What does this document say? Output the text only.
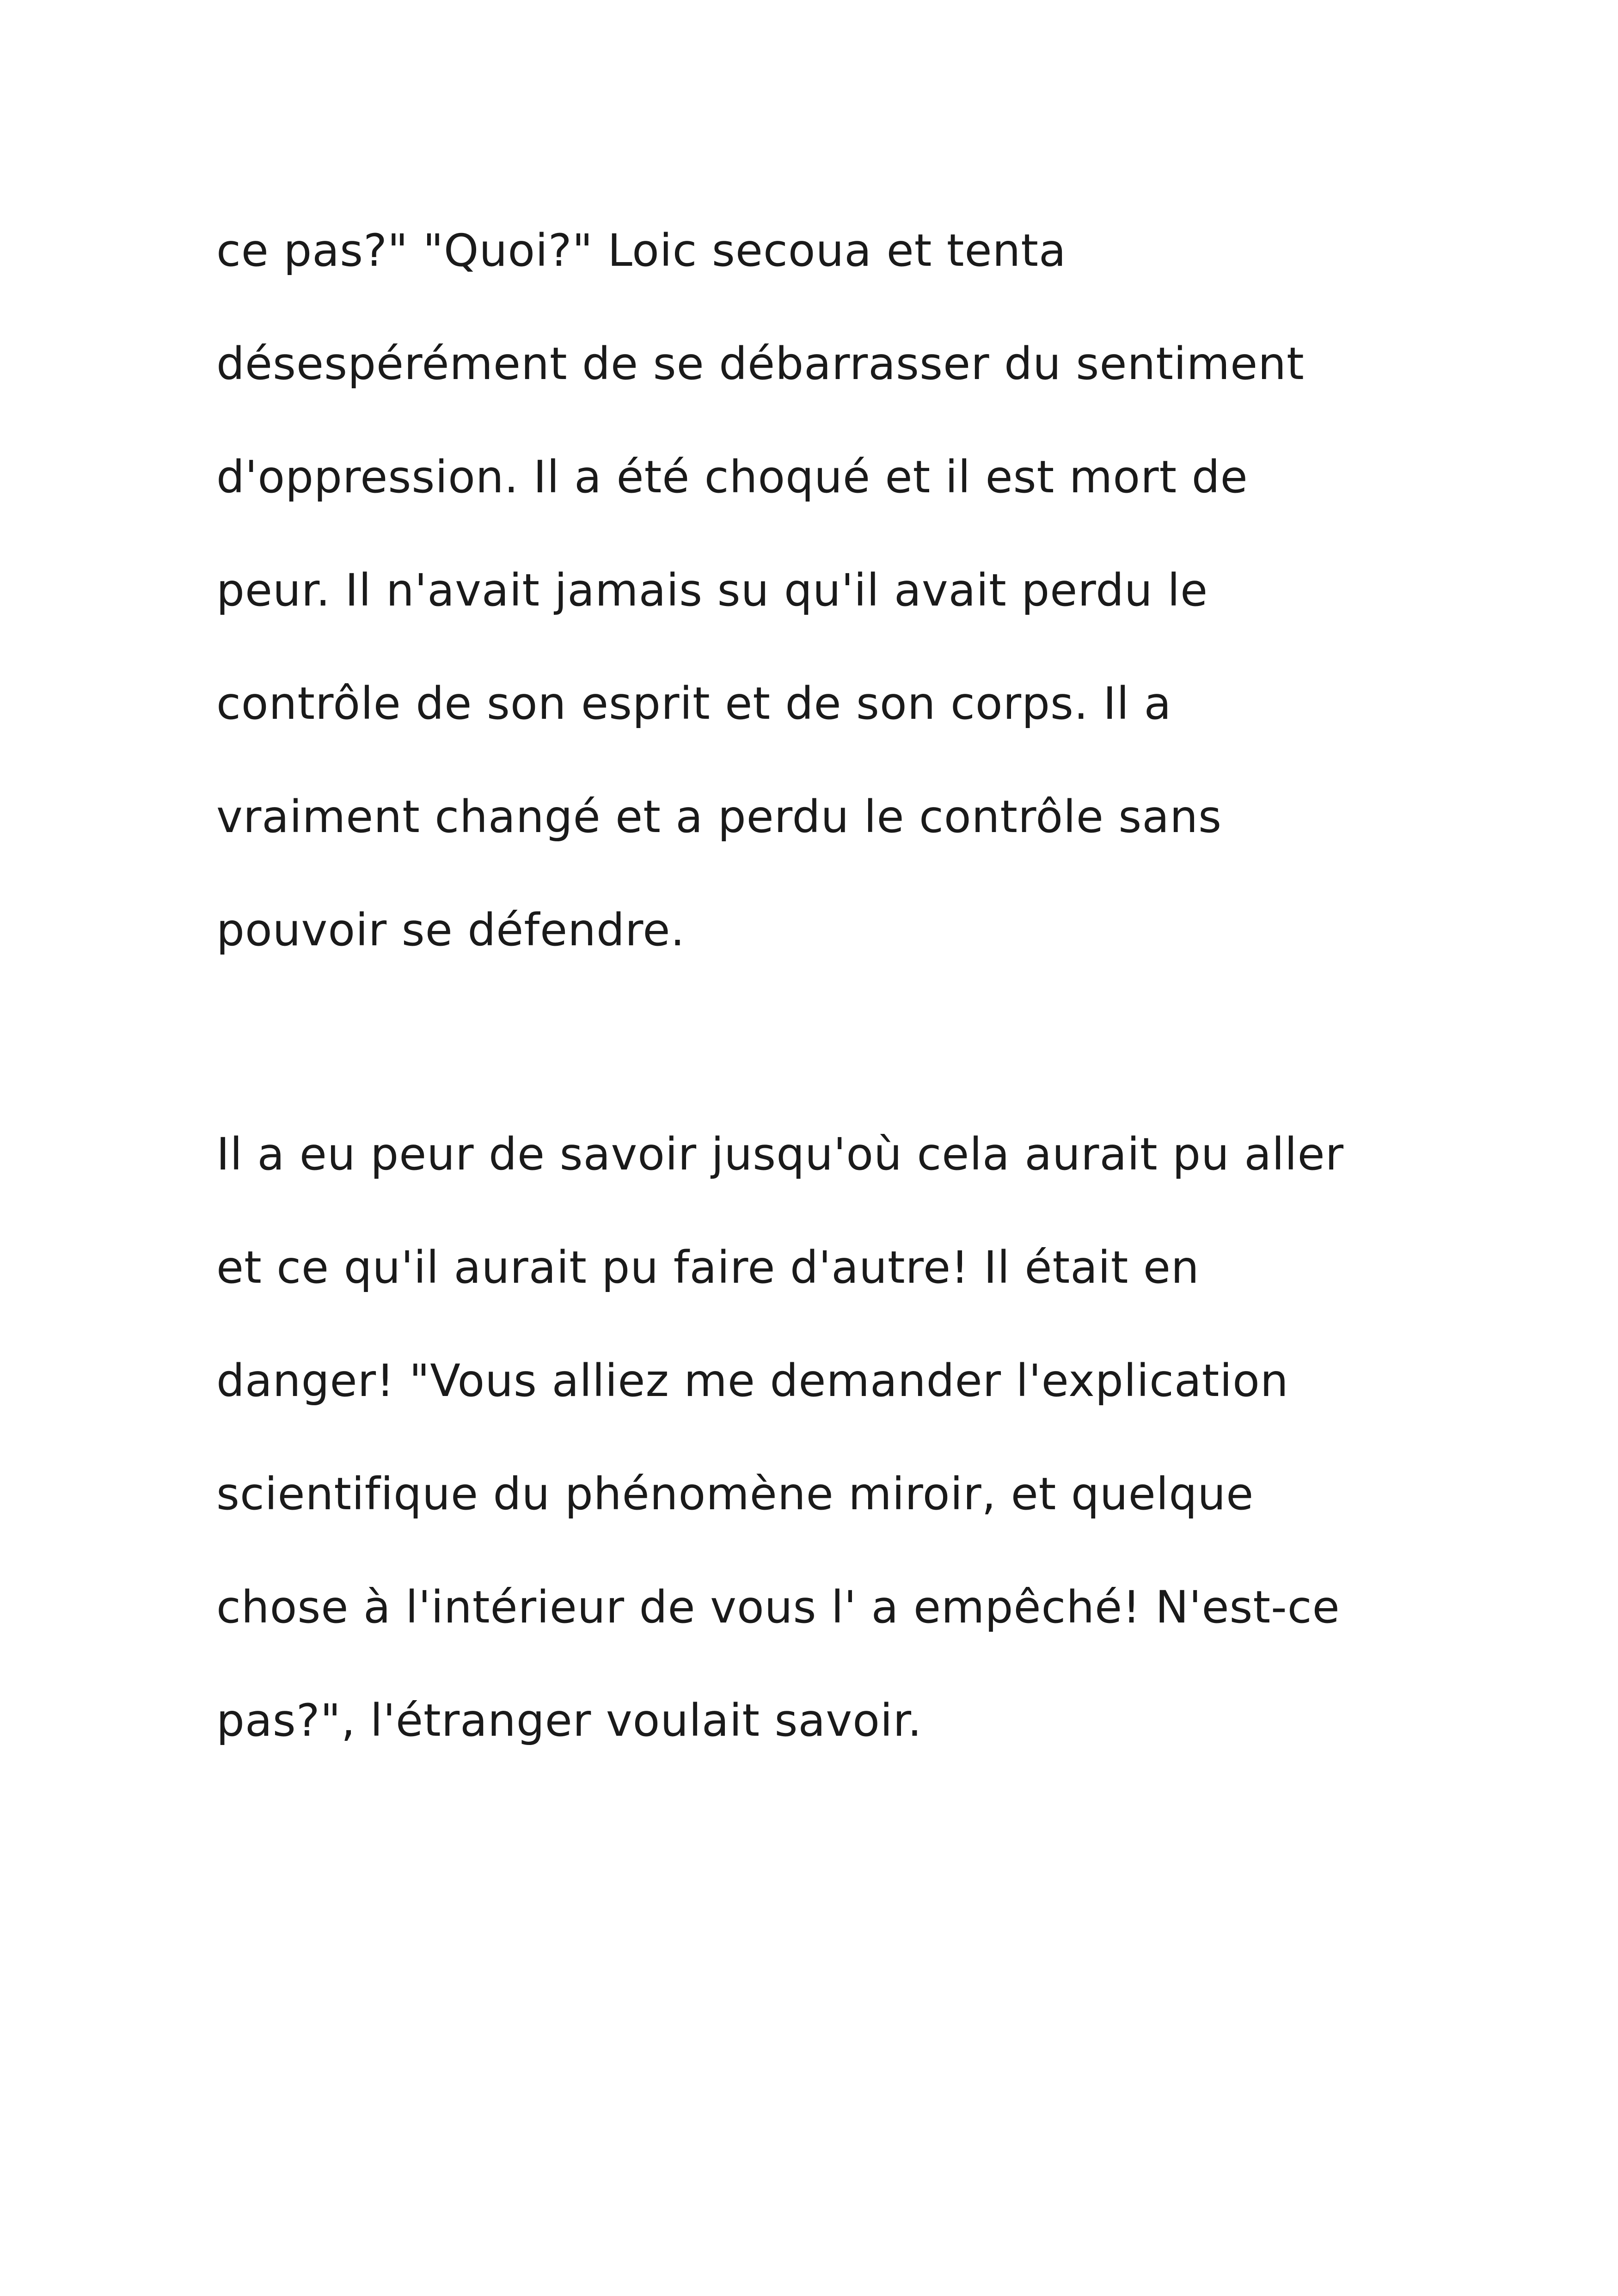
ce pas?" "Quoi?" Loic secoua et tenta
désespérément de se débarrasser du sentiment
d'oppression. Il a été choqué et il est mort de
peur. Il n'avait jamais su qu'il avait perdu le
contrôle de son esprit et de son corps. Il a
vraiment changé et a perdu le contrôle sans
pouvoir se défendre.
Il a eu peur de savoir jusqu'où cela aurait pu aller
et ce qu'il aurait pu faire d'autre! Il était en
danger! "Vous alliez me demander l'explication
scientifique du phénomène miroir, et quelque
chose à l'intérieur de vous l' a empêché! N'est-ce
pas?", l'étranger voulait savoir.
